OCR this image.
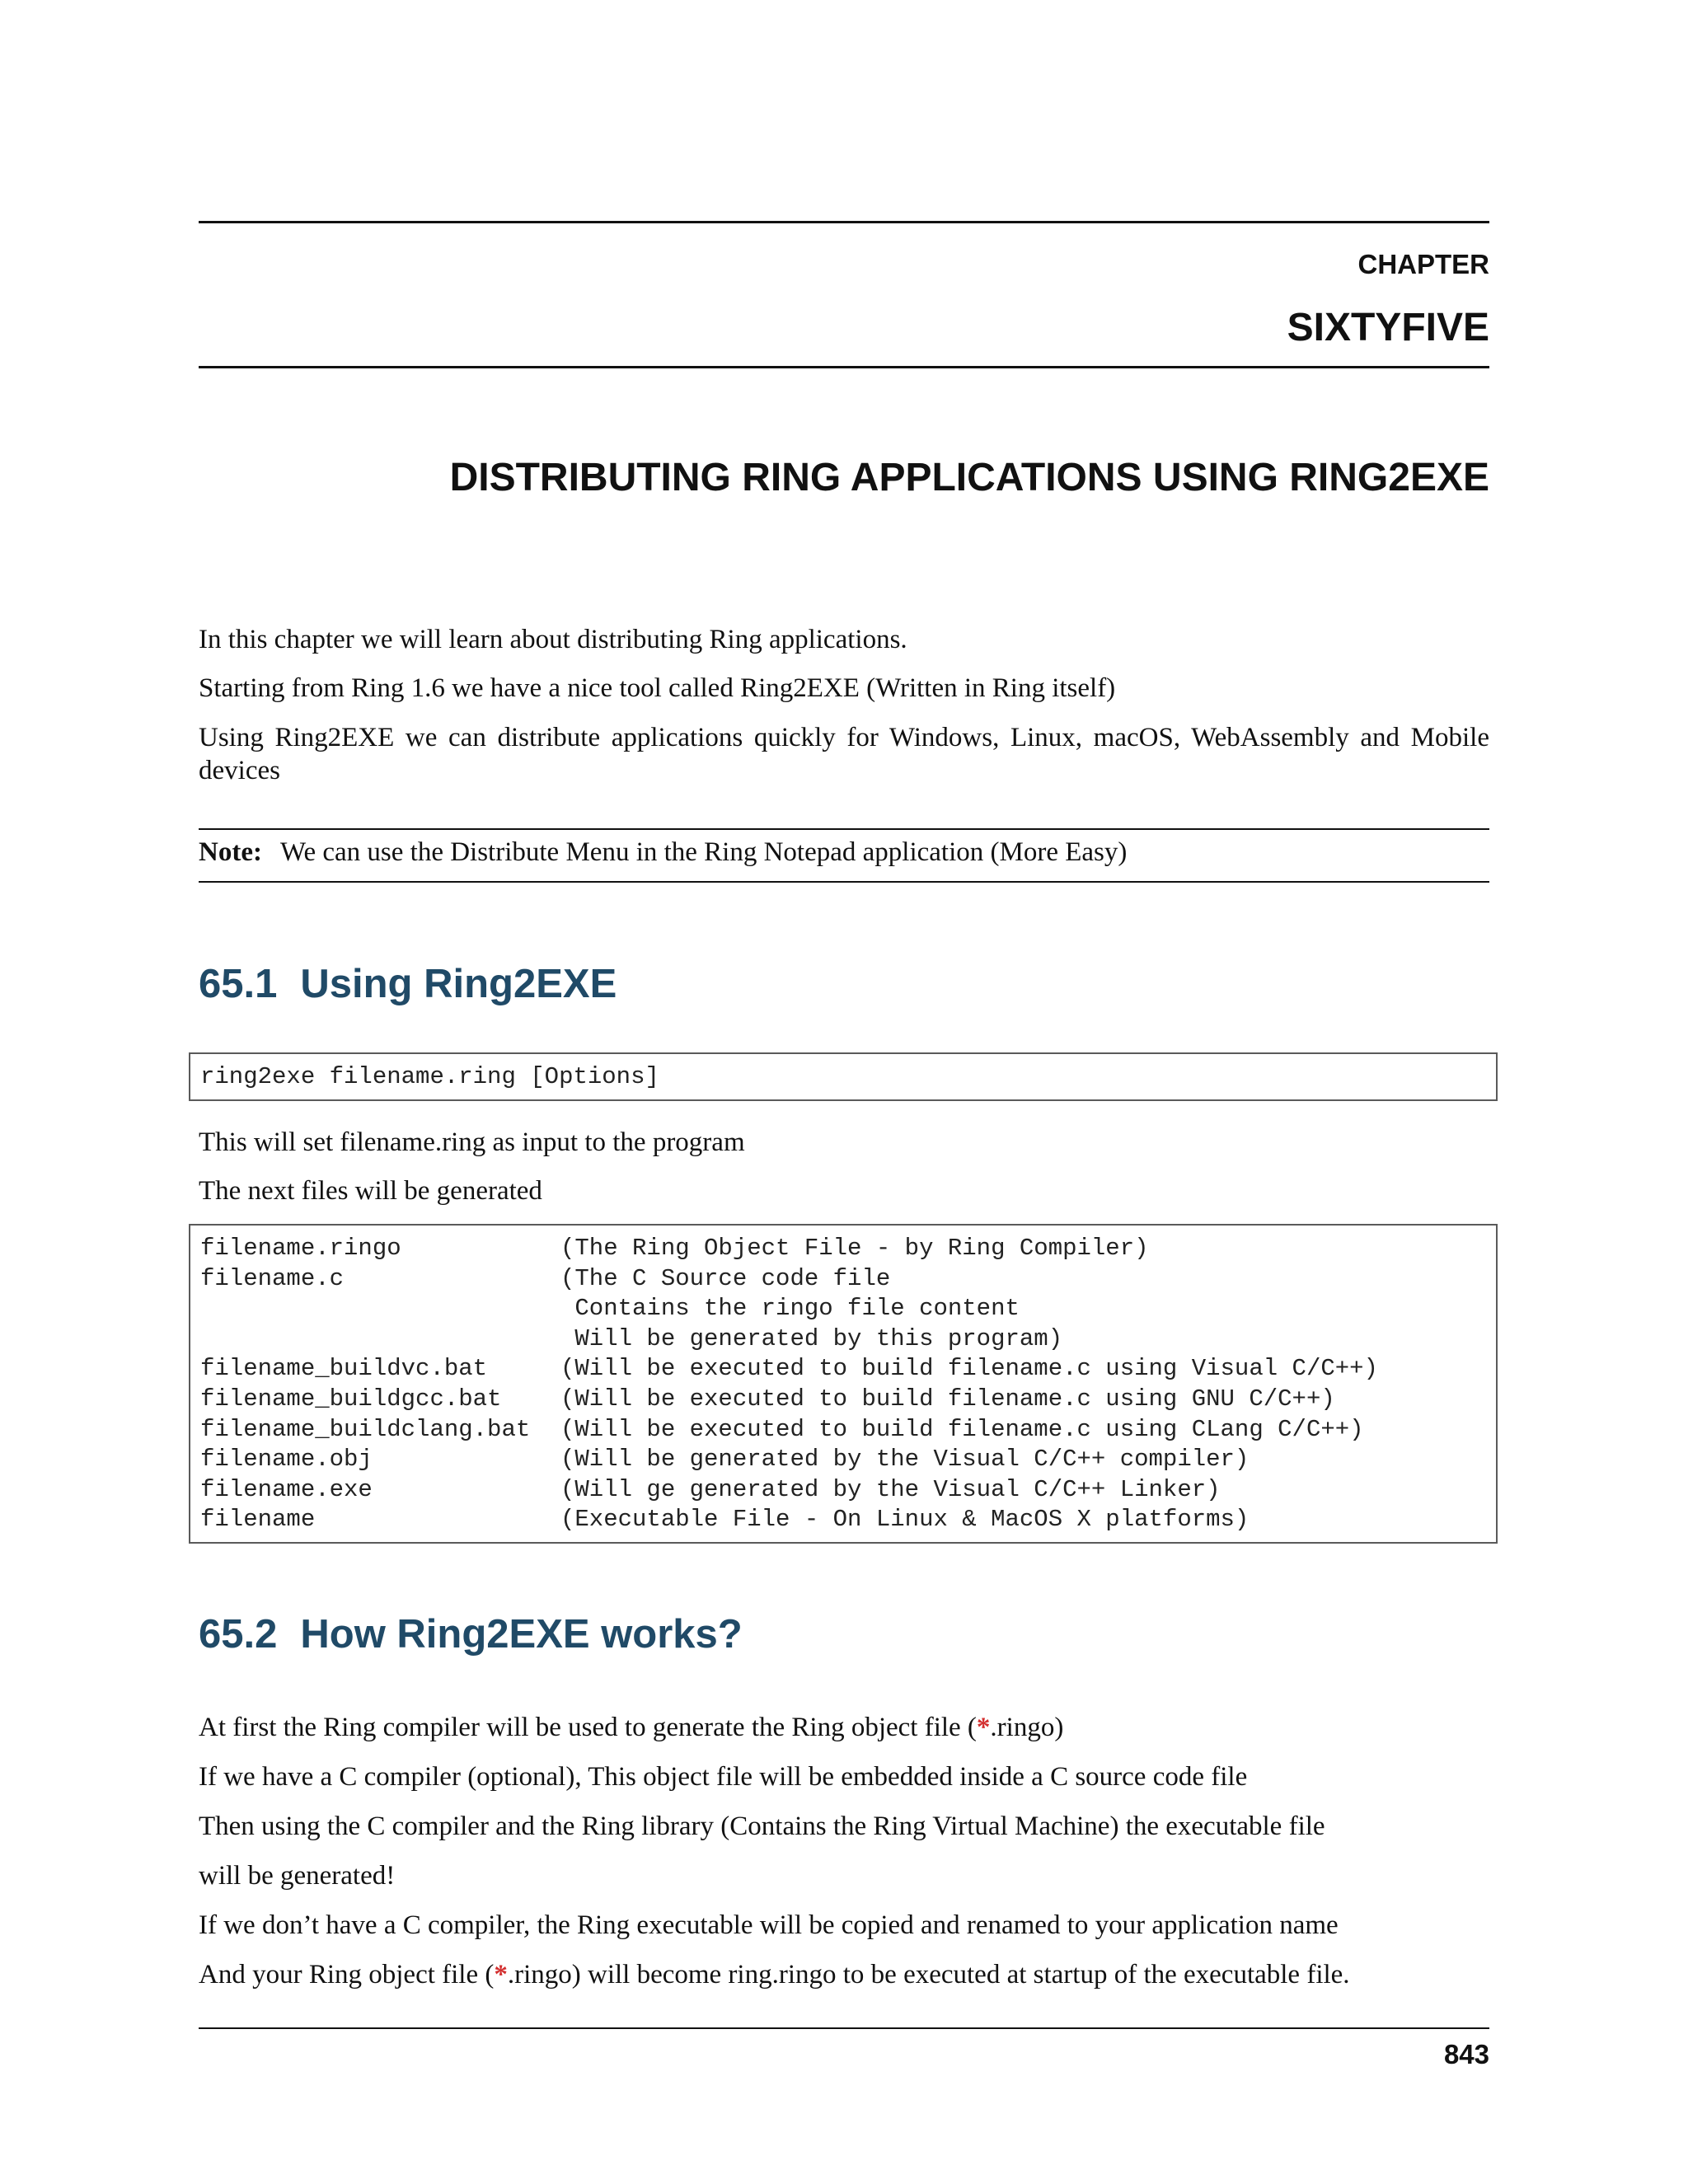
CHAPTER
SIXTYFIVE
DISTRIBUTING RING APPLICATIONS USING RING2EXE
In this chapter we will learn about distributing Ring applications.
Starting from Ring 1.6 we have a nice tool called Ring2EXE (Written in Ring itself)
Using Ring2EXE we can distribute applications quickly for Windows, Linux, macOS, WebAssembly and Mobile devices
Note: We can use the Distribute Menu in the Ring Notepad application (More Easy)
65.1 Using Ring2EXE
ring2exe filename.ring [Options]
This will set filename.ring as input to the program
The next files will be generated
filename.ringo	(The Ring Object File - by Ring Compiler)
filename.c	(The C Source code file
Contains the ringo file content
Will be generated by this program)
filename_buildvc.bat	(Will be executed to build filename.c using Visual C/C++)
filename_buildgcc.bat (Will be executed to build filename.c using GNU C/C++)
filename_buildclang.bat (Will be executed to build filename.c using CLang C/C++)
filename.obj	(Will be generated by the Visual C/C++ compiler)
filename.exe	(Will ge generated by the Visual C/C++ Linker)
filename	(Executable File - On Linux & MacOS X platforms)
65.2 How Ring2EXE works?
At first the Ring compiler will be used to generate the Ring object file (*.ringo)
If we have a C compiler (optional), This object file will be embedded inside a C source code file
Then using the C compiler and the Ring library (Contains the Ring Virtual Machine) the executable file
will be generated!
If we don’t have a C compiler, the Ring executable will be copied and renamed to your application name
And your Ring object file (*.ringo) will become ring.ringo to be executed at startup of the executable file.
843
